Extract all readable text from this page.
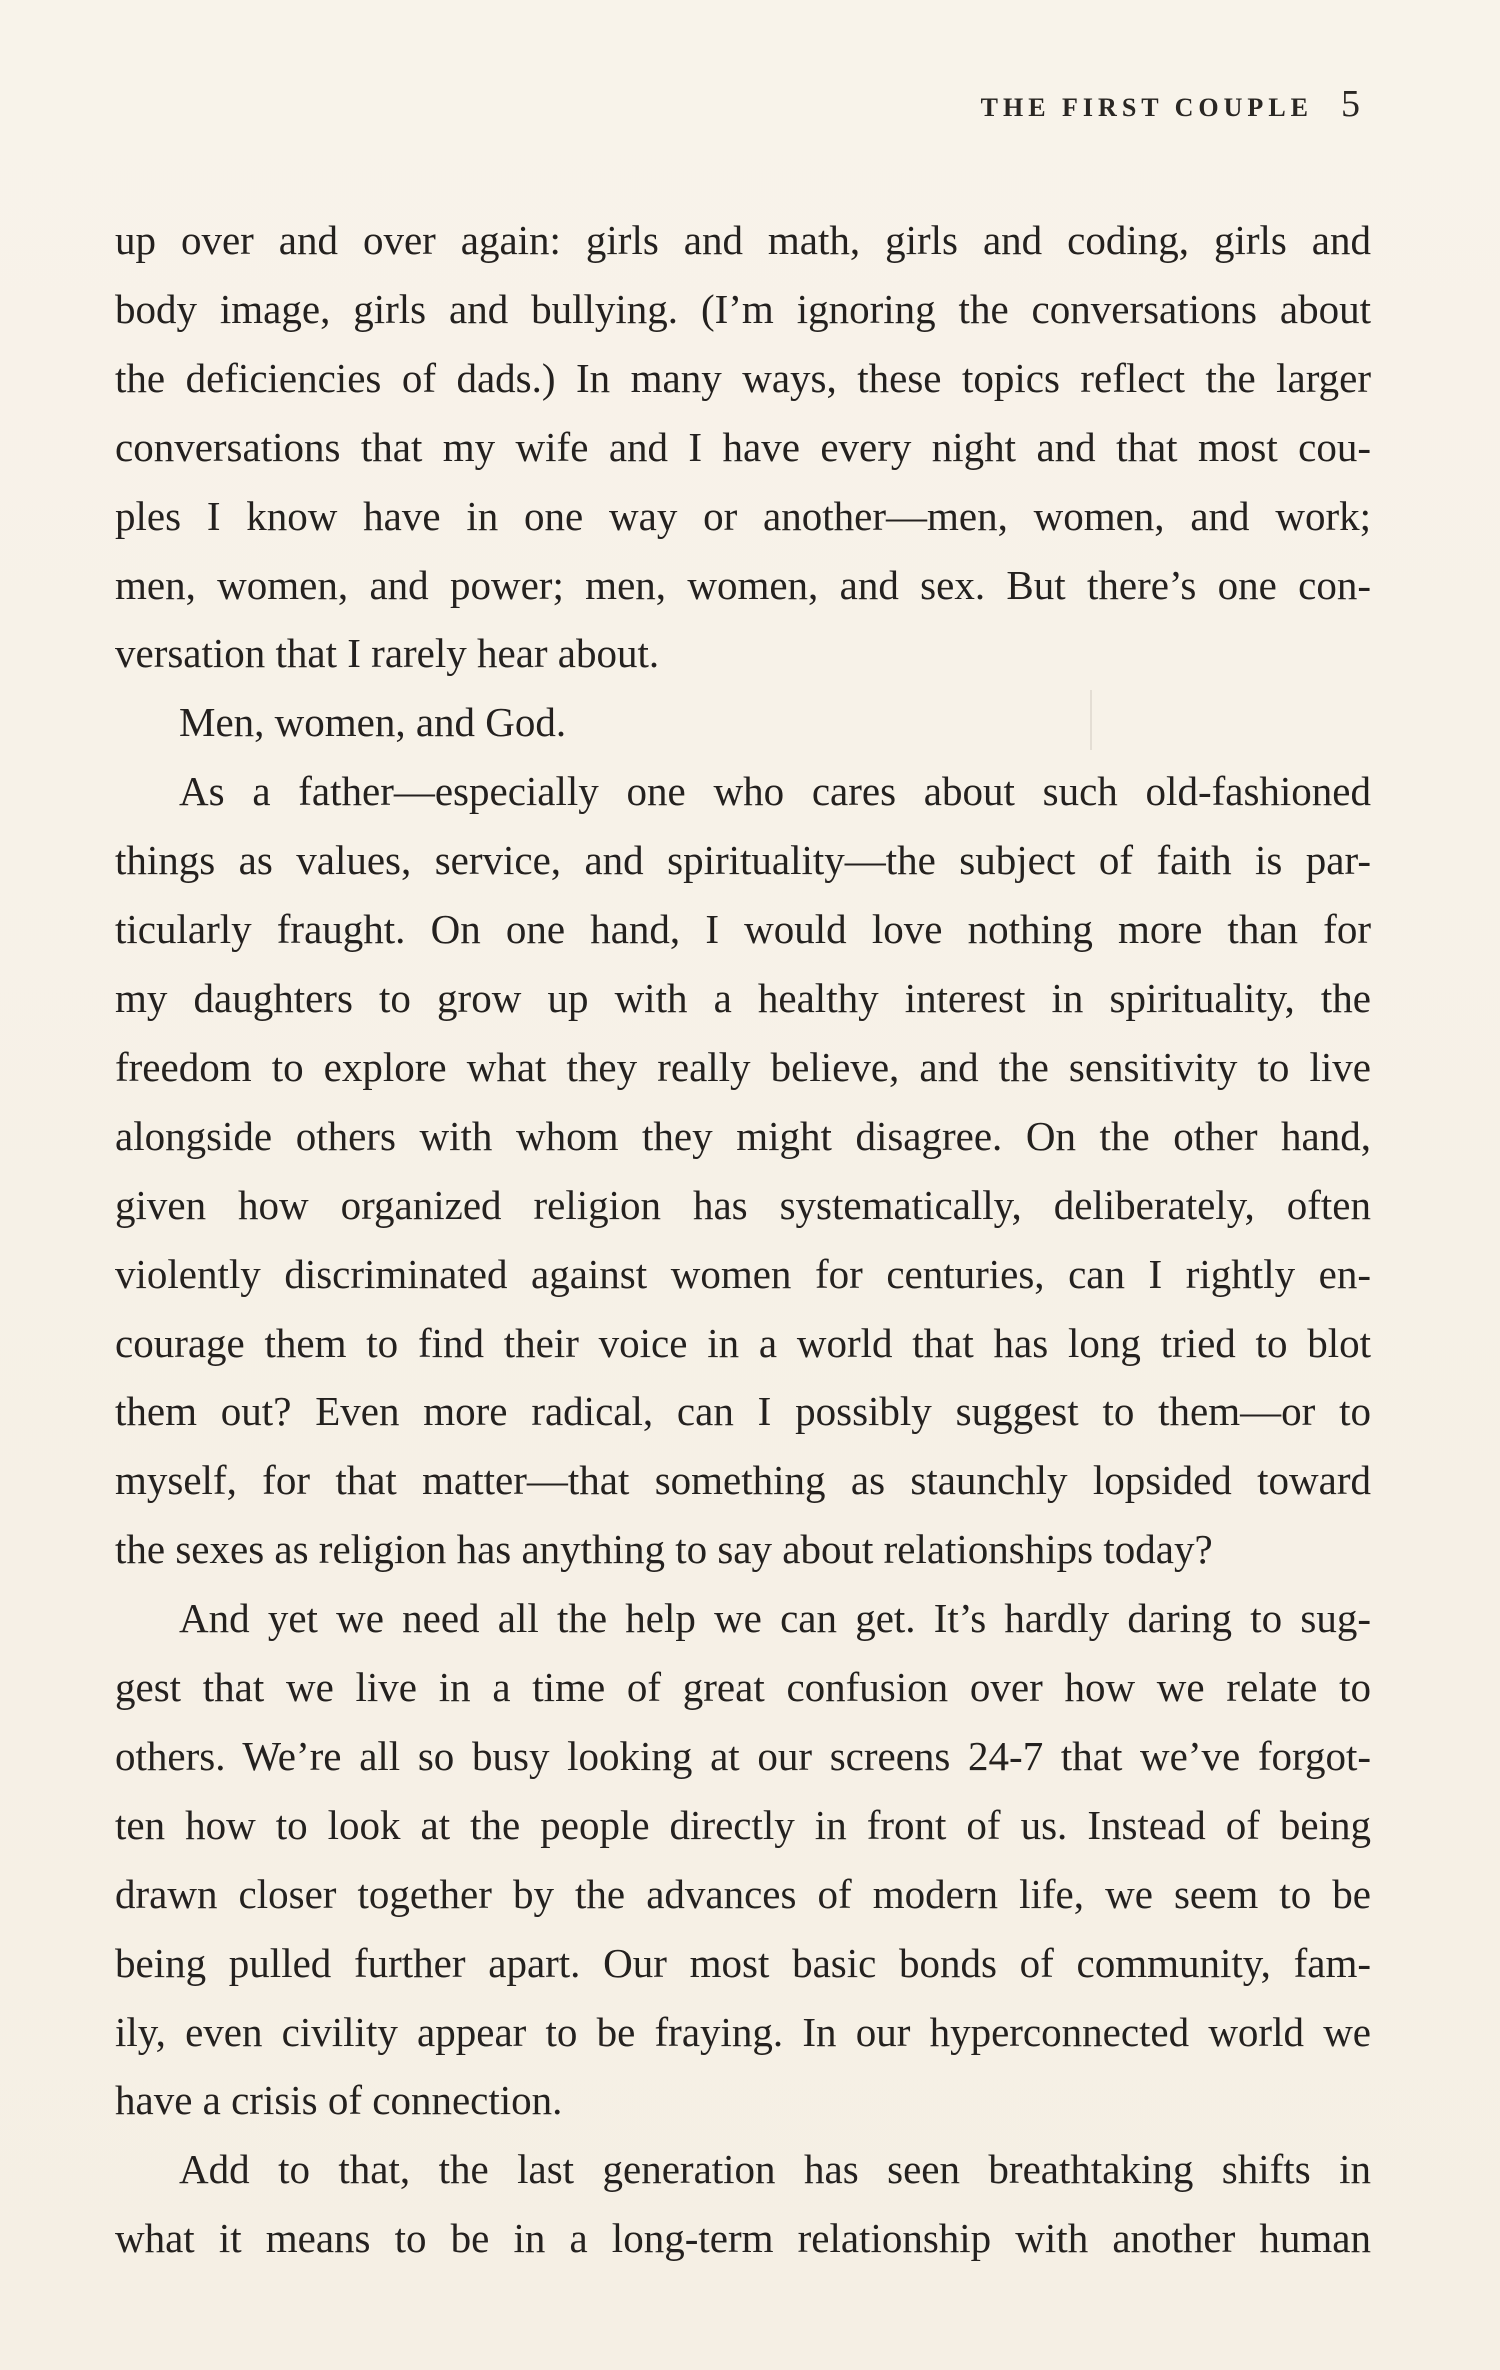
THE FIRST COUPLE 5
up over and over again: girls and math, girls and coding, girls and
body image, girls and bullying. (I’m ignoring the conversations about
the deficiencies of dads.) In many ways, these topics reflect the larger
conversations that my wife and I have every night and that most cou-
ples I know have in one way or another—men, women, and work;
men, women, and power; men, women, and sex. But there’s one con-
versation that I rarely hear about.
Men, women, and God.
As a father—especially one who cares about such old-fashioned
things as values, service, and spirituality—the subject of faith is par-
ticularly fraught. On one hand, I would love nothing more than for
my daughters to grow up with a healthy interest in spirituality, the
freedom to explore what they really believe, and the sensitivity to live
alongside others with whom they might disagree. On the other hand,
given how organized religion has systematically, deliberately, often
violently discriminated against women for centuries, can I rightly en-
courage them to find their voice in a world that has long tried to blot
them out? Even more radical, can I possibly suggest to them—or to
myself, for that matter—that something as staunchly lopsided toward
the sexes as religion has anything to say about relationships today?
And yet we need all the help we can get. It’s hardly daring to sug-
gest that we live in a time of great confusion over how we relate to
others. We’re all so busy looking at our screens 24-7 that we’ve forgot-
ten how to look at the people directly in front of us. Instead of being
drawn closer together by the advances of modern life, we seem to be
being pulled further apart. Our most basic bonds of community, fam-
ily, even civility appear to be fraying. In our hyperconnected world we
have a crisis of connection.
Add to that, the last generation has seen breathtaking shifts in
what it means to be in a long-term relationship with another human
